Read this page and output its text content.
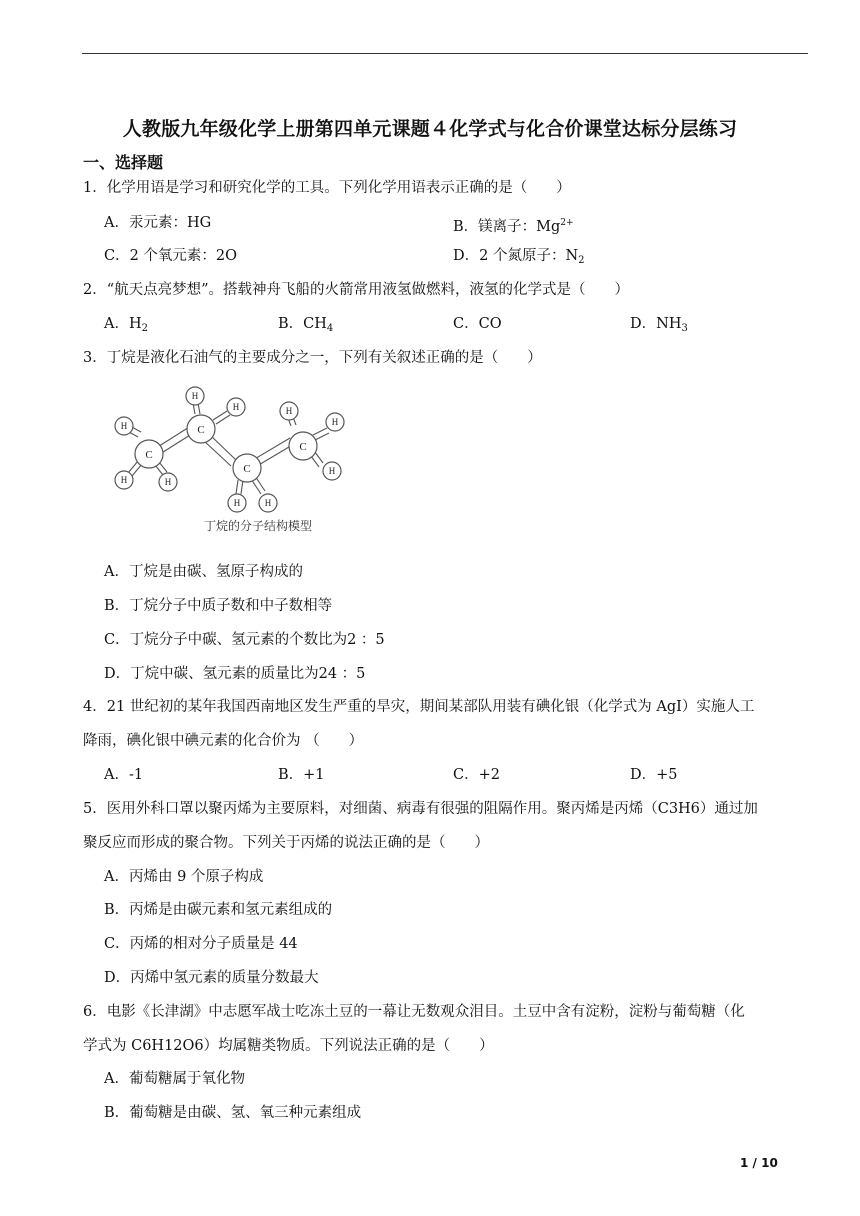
人教版九年级化学上册第四单元课题４化学式与化合价课堂达标分层练习
一、选择题
1．化学用语是学习和研究化学的工具。下列化学用语表示正确的是（　　）
A．汞元素：HG	B．镁离子：$Mg^{2+}$
C．2 个氧元素：2O	D．2 个氮原子：$N_2$
2．“航天点亮梦想”。搭载神舟飞船的火箭常用液氢做燃料，液氢的化学式是（　　）
A．$H_2$	B．$CH_4$	C．CO	D．$NH_3$
3．丁烷是液化石油气的主要成分之一，下列有关叙述正确的是（　　）
C
C
C
C
H
H	H
H
H
H	H
H
H
H
丁烷的分子结构模型
A．丁烷是由碳、氢原子构成的
B．丁烷分子中质子数和中子数相等
C．丁烷分子中碳、氢元素的个数比为2 ：5
D．丁烷中碳、氢元素的质量比为24 ：5
4．21 世纪初的某年我国西南地区发生严重的旱灾，期间某部队用装有碘化银（化学式为 AgI）实施人工
降雨，碘化银中碘元素的化合价为 （　　）
A．-1	B．+1	C．+2	D．+5
5．医用外科口罩以聚丙烯为主要原料，对细菌、病毒有很强的阻隔作用。聚丙烯是丙烯（C3H6）通过加
聚反应而形成的聚合物。下列关于丙烯的说法正确的是（　　）
A．丙烯由 9 个原子构成
B．丙烯是由碳元素和氢元素组成的
C．丙烯的相对分子质量是 44
D．丙烯中氢元素的质量分数最大
6．电影《长津湖》中志愿军战士吃冻土豆的一幕让无数观众泪目。土豆中含有淀粉，淀粉与葡萄糖（化
学式为 C6H12O6）均属糖类物质。下列说法正确的是（　　）
A．葡萄糖属于氧化物
B．葡萄糖是由碳、氢、氧三种元素组成
1 / 10
